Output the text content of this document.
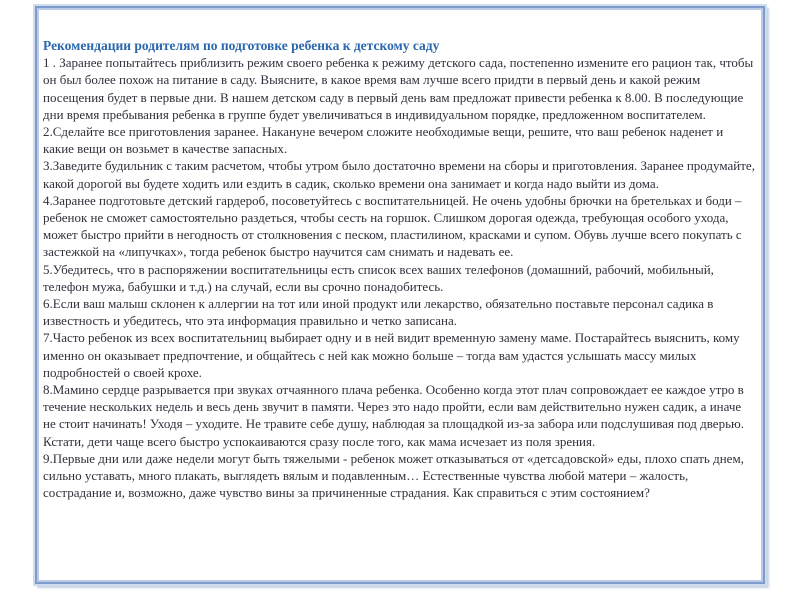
Рекомендации родителям по подготовке ребенка к детскому саду

1 . Заранее попытайтесь приблизить режим своего ребенка к режиму детского сада, постепенно измените его рацион так, чтобы он был более похож на питание в саду. Выясните, в какое время вам лучше всего придти в первый день и какой режим посещения будет в первые дни. В нашем детском саду в первый день вам предложат привести ребенка к 8.00. В последующие дни время пребывания ребенка в группе будет увеличиваться в индивидуальном порядке, предложенном воспитателем.

2.Сделайте все приготовления заранее. Накануне вечером сложите необходимые вещи, решите, что ваш ребенок наденет и какие вещи он возьмет в качестве запасных.

3.Заведите будильник с таким расчетом, чтобы утром было достаточно времени на сборы и приготовления. Заранее продумайте, какой дорогой вы будете ходить или ездить в садик, сколько времени она занимает и когда надо выйти из дома.

4.Заранее подготовьте детский гардероб, посоветуйтесь с воспитательницей. Не очень удобны брючки на бретельках и боди – ребенок не сможет самостоятельно раздеться, чтобы сесть на горшок. Слишком дорогая одежда, требующая особого ухода, может быстро прийти в негодность от столкновения с песком, пластилином, красками и супом. Обувь лучше всего покупать с застежкой на «липучках», тогда ребенок быстро научится сам снимать и надевать ее.

5.Убедитесь, что в распоряжении воспитательницы есть список всех ваших телефонов (домашний, рабочий, мобильный, телефон мужа, бабушки и т.д.) на случай, если вы срочно понадобитесь.

6.Если ваш малыш склонен к аллергии на тот или иной продукт или лекарство, обязательно поставьте персонал садика в известность и убедитесь, что эта информация правильно и четко записана.

7.Часто ребенок из всех воспитательниц выбирает одну и в ней видит временную замену маме. Постарайтесь выяснить, кому именно он оказывает предпочтение, и общайтесь с ней как можно больше – тогда вам удастся услышать массу милых подробностей о своей крохе.

8.Мамино сердце разрывается при звуках отчаянного плача ребенка. Особенно когда этот плач сопровождает ее каждое утро в течение нескольких недель и весь день звучит в памяти. Через это надо пройти, если вам действительно нужен садик, а иначе не стоит начинать! Уходя – уходите. Не травите себе душу, наблюдая за площадкой из-за забора или подслушивая под дверью. Кстати, дети чаще всего быстро успокаиваются сразу после того, как мама исчезает из поля зрения.

9.Первые дни или даже недели могут быть тяжелыми - ребенок может отказываться от «детсадовской» еды, плохо спать днем, сильно уставать, много плакать, выглядеть вялым и подавленным… Естественные чувства любой матери – жалость, сострадание и, возможно, даже чувство вины за причиненные страдания. Как справиться с этим состоянием?
